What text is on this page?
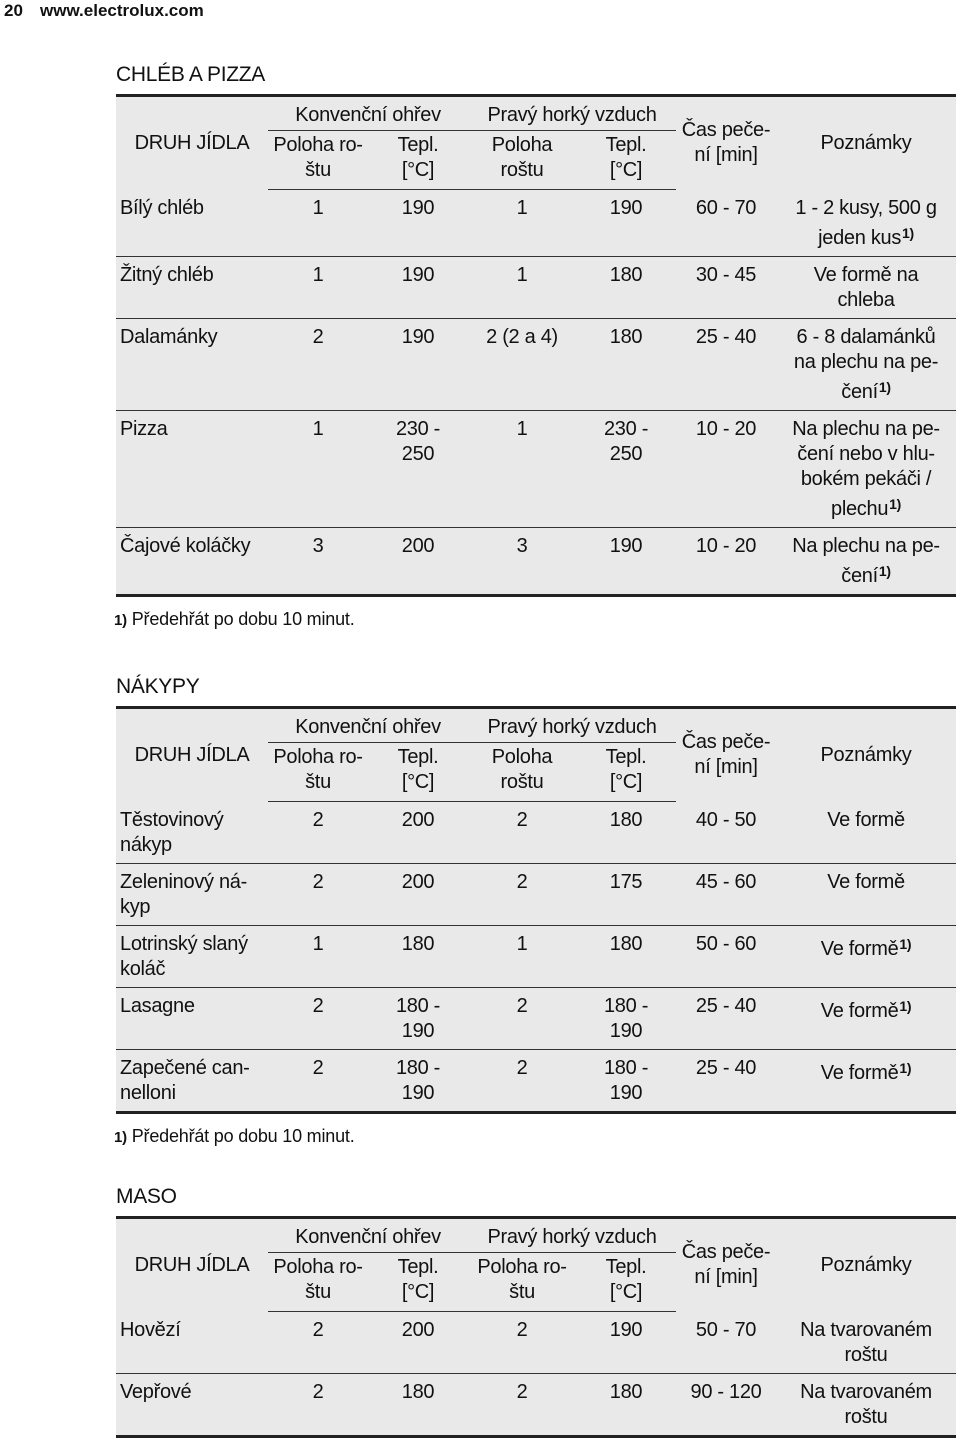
20 www.electrolux.com
CHLÉB A PIZZA
DRUH JÍDLA	Konvenční ohřev		Pravý horký vzduch		Čas peče-
ní [min]	Poznámky
	Poloha ro-
štu	Tepl.
[°C]	Poloha roštu	Tepl.
[°C]		
Bílý chléb	1	190	1	190	60 - 70	1 - 2 kusy, 500 g
jeden kus$^{1)}$
Žitný chléb	1	190	1	180	30 - 45	Ve formě na
chleba
Dalamánky	2	190	2 (2 a 4)	180	25 - 40	6 - 8 dalamánků
na plechu na pe-
čení$^{1)}$
Pizza	1	230 -
250	1	230 -
250	10 - 20	Na plechu na pe-
čení nebo v hlu-
bokém pekáči /
plechu$^{1)}$
Čajové koláčky	3	200	3	190	10 - 20	Na plechu na pe-
čení$^{1)}$
1) Předehřát po dobu 10 minut.
NÁKYPY
DRUH JÍDLA	Konvenční ohřev		Pravý horký vzduch		Čas peče-
ní [min]	Poznámky
	Poloha ro-
štu	Tepl.
[°C]	Poloha roštu	Tepl.
[°C]		
Těstovinový
nákyp	2	200	2	180	40 - 50	Ve formě
Zeleninový ná-
kyp	2	200	2	175	45 - 60	Ve formě
Lotrinský slaný
koláč	1	180	1	180	50 - 60	Ve formě$^{1)}$
Lasagne	2	180 -
190	2	180 -
190	25 - 40	Ve formě$^{1)}$
Zapečené can-
nelloni	2	180 -
190	2	180 -
190	25 - 40	Ve formě$^{1)}$
1) Předehřát po dobu 10 minut.
MASO
DRUH JÍDLA	Konvenční ohřev		Pravý horký vzduch		Čas peče-
ní [min]	Poznámky
	Poloha ro-
štu	Tepl.
[°C]	Poloha ro-
štu	Tepl.
[°C]		
Hovězí	2	200	2	190	50 - 70	Na tvarovaném
roštu
Vepřové	2	180	2	180	90 - 120	Na tvarovaném
roštu
